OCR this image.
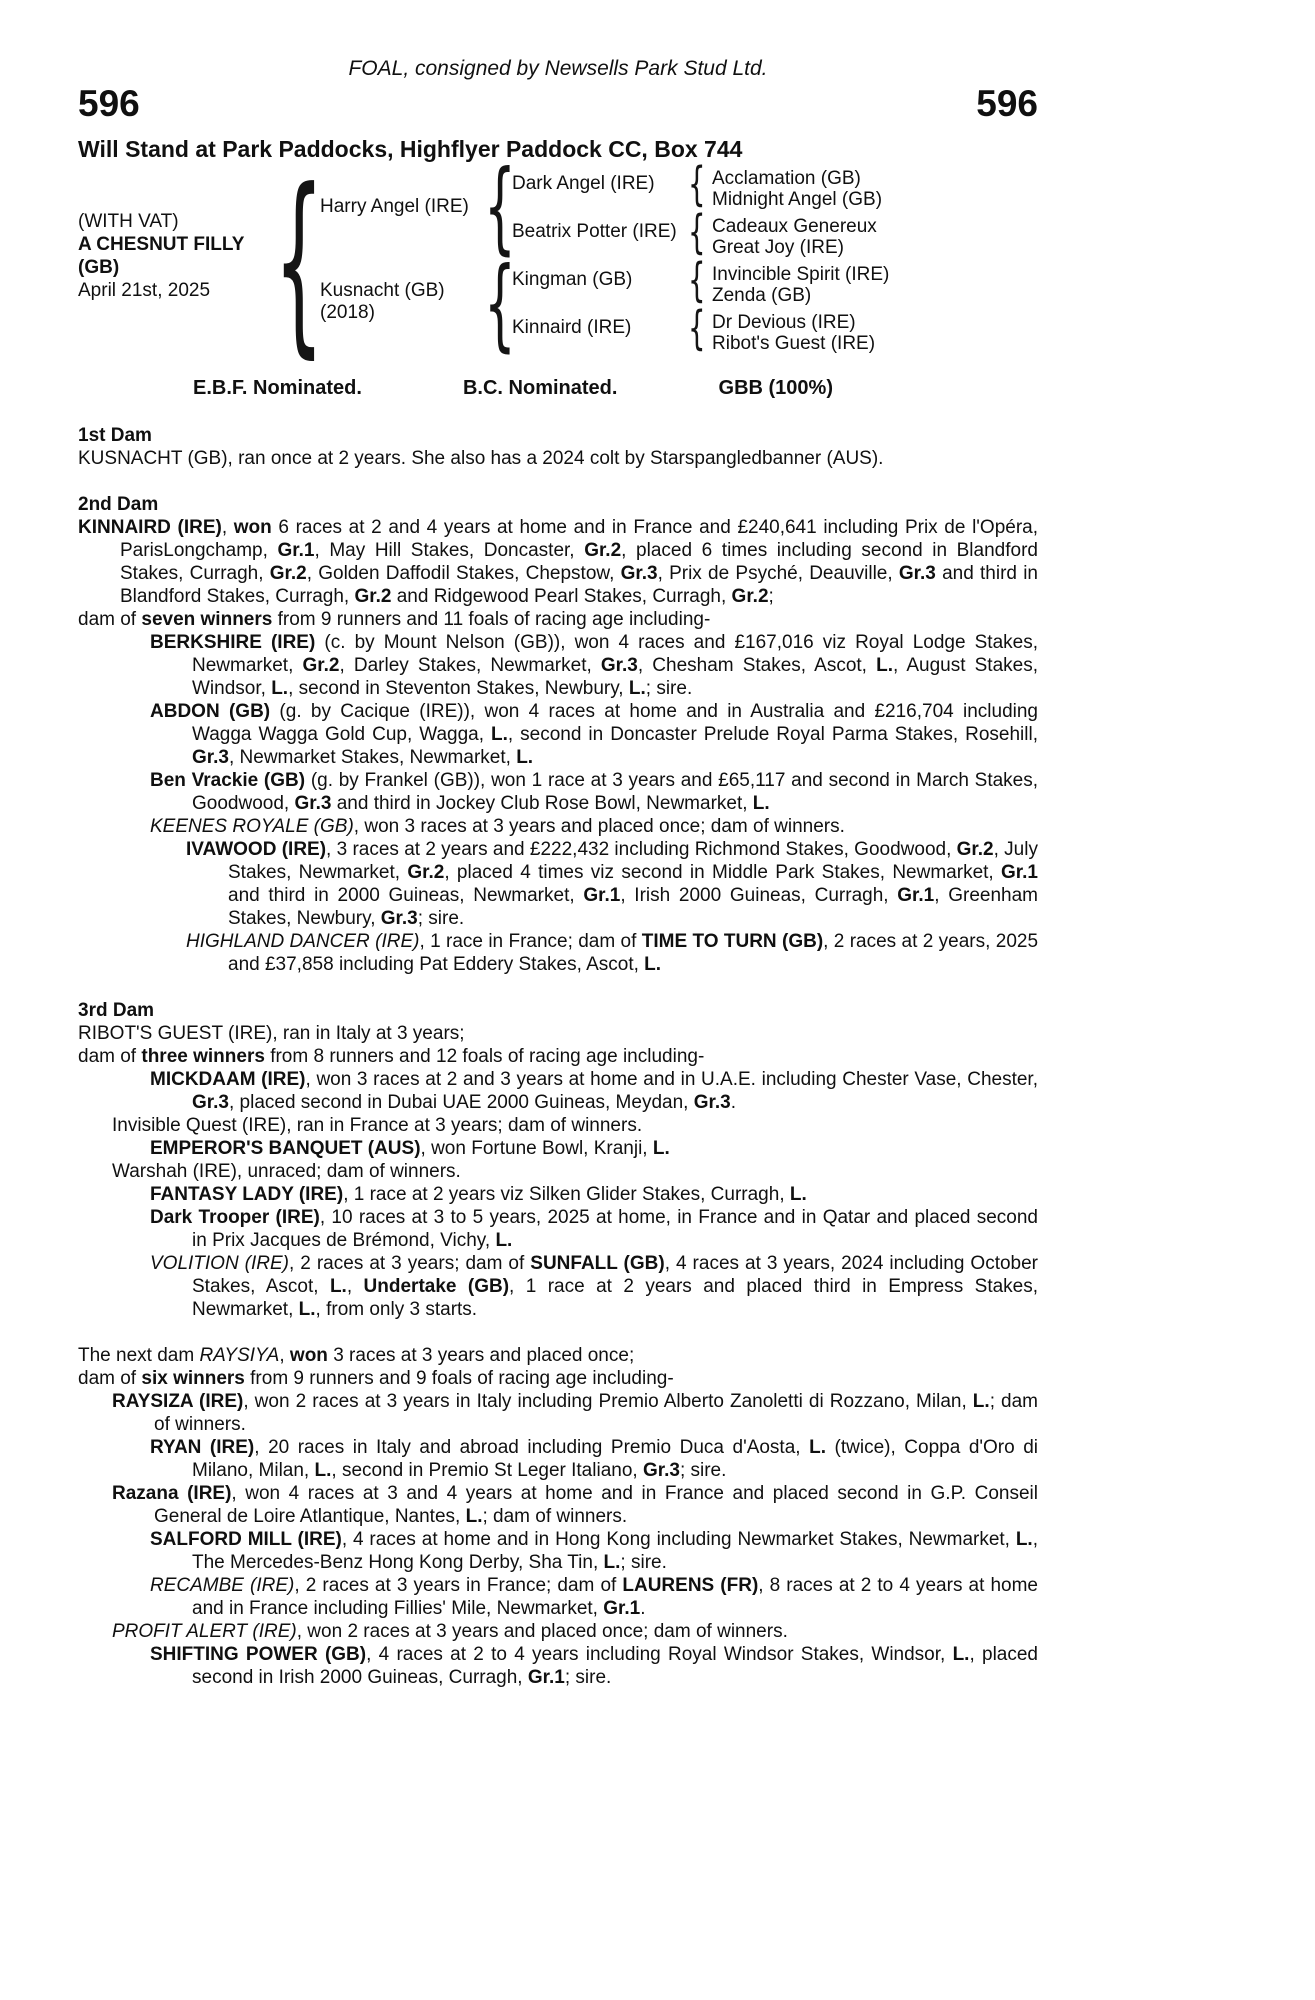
FOAL, consigned by Newsells Park Stud Ltd.
596	596
Will Stand at Park Paddocks, Highflyer Paddock CC, Box 744
(WITH VAT)
A CHESNUT FILLY
(GB)
April 21st, 2025 {
Harry Angel (IRE)
Kusnacht (GB)
(2018)
{
{
Dark Angel (IRE)
Beatrix Potter (IRE)
Kingman (GB)
Kinnaird (IRE)
{
{
{
{
Acclamation (GB)
Midnight Angel (GB)
Cadeaux Genereux
Great Joy (IRE)
Invincible Spirit (IRE)
Zenda (GB)
Dr Devious (IRE)
Ribot's Guest (IRE)
E.B.F. Nominated.	B.C. Nominated.	GBB (100%)
1st Dam
KUSNACHT (GB), ran once at 2 years. She also has a 2024 colt by Starspangledbanner (AUS).
2nd Dam
KINNAIRD (IRE), won 6 races at 2 and 4 years at home and in France and £240,641 including Prix de l'Opéra, ParisLongchamp, Gr.1, May Hill Stakes, Doncaster, Gr.2, placed 6 times including second in Blandford Stakes, Curragh, Gr.2, Golden Daffodil Stakes, Chepstow, Gr.3, Prix de Psyché, Deauville, Gr.3 and third in Blandford Stakes, Curragh, Gr.2 and Ridgewood Pearl Stakes, Curragh, Gr.2;
dam of seven winners from 9 runners and 11 foals of racing age including-
BERKSHIRE (IRE) (c. by Mount Nelson (GB)), won 4 races and £167,016 viz Royal Lodge Stakes, Newmarket, Gr.2, Darley Stakes, Newmarket, Gr.3, Chesham Stakes, Ascot, L., August Stakes, Windsor, L., second in Steventon Stakes, Newbury, L.; sire.
ABDON (GB) (g. by Cacique (IRE)), won 4 races at home and in Australia and £216,704 including Wagga Wagga Gold Cup, Wagga, L., second in Doncaster Prelude Royal Parma Stakes, Rosehill, Gr.3, Newmarket Stakes, Newmarket, L.
Ben Vrackie (GB) (g. by Frankel (GB)), won 1 race at 3 years and £65,117 and second in March Stakes, Goodwood, Gr.3 and third in Jockey Club Rose Bowl, Newmarket, L.
KEENES ROYALE (GB), won 3 races at 3 years and placed once; dam of winners.
IVAWOOD (IRE), 3 races at 2 years and £222,432 including Richmond Stakes, Goodwood, Gr.2, July Stakes, Newmarket, Gr.2, placed 4 times viz second in Middle Park Stakes, Newmarket, Gr.1 and third in 2000 Guineas, Newmarket, Gr.1, Irish 2000 Guineas, Curragh, Gr.1, Greenham Stakes, Newbury, Gr.3; sire.
HIGHLAND DANCER (IRE), 1 race in France; dam of TIME TO TURN (GB), 2 races at 2 years, 2025 and £37,858 including Pat Eddery Stakes, Ascot, L.
3rd Dam
RIBOT'S GUEST (IRE), ran in Italy at 3 years;
dam of three winners from 8 runners and 12 foals of racing age including-
MICKDAAM (IRE), won 3 races at 2 and 3 years at home and in U.A.E. including Chester Vase, Chester, Gr.3, placed second in Dubai UAE 2000 Guineas, Meydan, Gr.3.
Invisible Quest (IRE), ran in France at 3 years; dam of winners.
EMPEROR'S BANQUET (AUS), won Fortune Bowl, Kranji, L.
Warshah (IRE), unraced; dam of winners.
FANTASY LADY (IRE), 1 race at 2 years viz Silken Glider Stakes, Curragh, L.
Dark Trooper (IRE), 10 races at 3 to 5 years, 2025 at home, in France and in Qatar and placed second in Prix Jacques de Brémond, Vichy, L.
VOLITION (IRE), 2 races at 3 years; dam of SUNFALL (GB), 4 races at 3 years, 2024 including October Stakes, Ascot, L., Undertake (GB), 1 race at 2 years and placed third in Empress Stakes, Newmarket, L., from only 3 starts.
The next dam RAYSIYA, won 3 races at 3 years and placed once;
dam of six winners from 9 runners and 9 foals of racing age including-
RAYSIZA (IRE), won 2 races at 3 years in Italy including Premio Alberto Zanoletti di Rozzano, Milan, L.; dam of winners.
RYAN (IRE), 20 races in Italy and abroad including Premio Duca d'Aosta, L. (twice), Coppa d'Oro di Milano, Milan, L., second in Premio St Leger Italiano, Gr.3; sire.
Razana (IRE), won 4 races at 3 and 4 years at home and in France and placed second in G.P. Conseil General de Loire Atlantique, Nantes, L.; dam of winners.
SALFORD MILL (IRE), 4 races at home and in Hong Kong including Newmarket Stakes, Newmarket, L., The Mercedes-Benz Hong Kong Derby, Sha Tin, L.; sire.
RECAMBE (IRE), 2 races at 3 years in France; dam of LAURENS (FR), 8 races at 2 to 4 years at home and in France including Fillies' Mile, Newmarket, Gr.1.
PROFIT ALERT (IRE), won 2 races at 3 years and placed once; dam of winners.
SHIFTING POWER (GB), 4 races at 2 to 4 years including Royal Windsor Stakes, Windsor, L., placed second in Irish 2000 Guineas, Curragh, Gr.1; sire.
